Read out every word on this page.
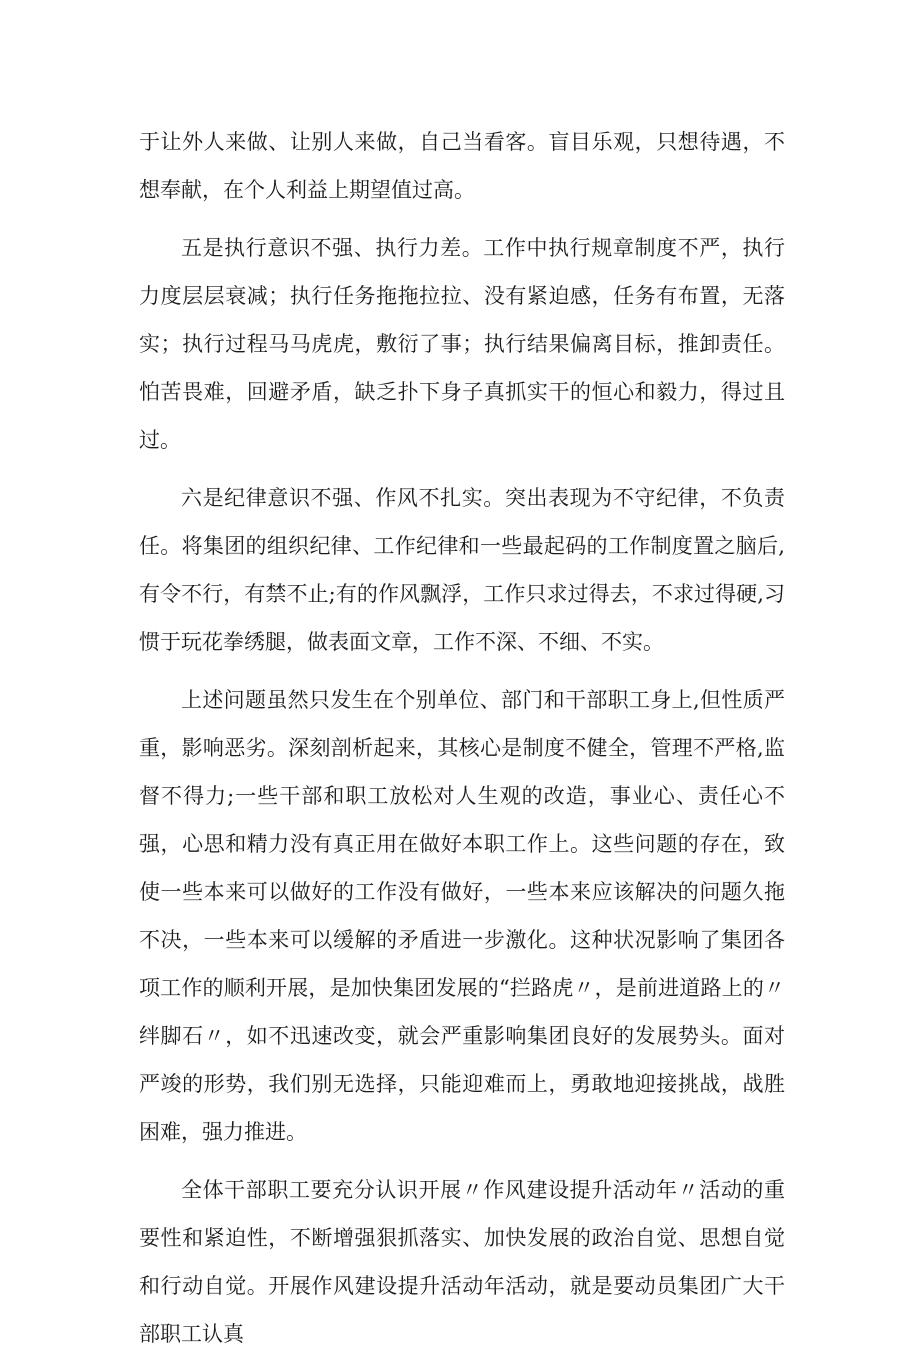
于让外人来做、让别人来做，自己当看客。盲目乐观，只想待遇，不想奉献，在个人利益上期望值过高。

五是执行意识不强、执行力差。工作中执行规章制度不严，执行力度层层衰减；执行任务拖拖拉拉、没有紧迫感，任务有布置，无落实；执行过程马马虎虎，敷衍了事；执行结果偏离目标，推卸责任。怕苦畏难，回避矛盾，缺乏扑下身子真抓实干的恒心和毅力，得过且过。

六是纪律意识不强、作风不扎实。突出表现为不守纪律，不负责任。将集团的组织纪律、工作纪律和一些最起码的工作制度置之脑后,有令不行，有禁不止;有的作风飘浮，工作只求过得去，不求过得硬,习惯于玩花拳绣腿，做表面文章，工作不深、不细、不实。

上述问题虽然只发生在个别单位、部门和干部职工身上,但性质严重，影响恶劣。深刻剖析起来，其核心是制度不健全，管理不严格,监督不得力;一些干部和职工放松对人生观的改造，事业心、责任心不强，心思和精力没有真正用在做好本职工作上。这些问题的存在，致使一些本来可以做好的工作没有做好，一些本来应该解决的问题久拖不决，一些本来可以缓解的矛盾进一步激化。这种状况影响了集团各项工作的顺利开展，是加快集团发展的“拦路虎〃，是前进道路上的〃绊脚石〃，如不迅速改变，就会严重影响集团良好的发展势头。面对严竣的形势，我们别无选择，只能迎难而上，勇敢地迎接挑战，战胜困难，强力推进。

全体干部职工要充分认识开展〃作风建设提升活动年〃活动的重要性和紧迫性，不断增强狠抓落实、加快发展的政治自觉、思想自觉和行动自觉。开展作风建设提升活动年活动，就是要动员集团广大干部职工认真
